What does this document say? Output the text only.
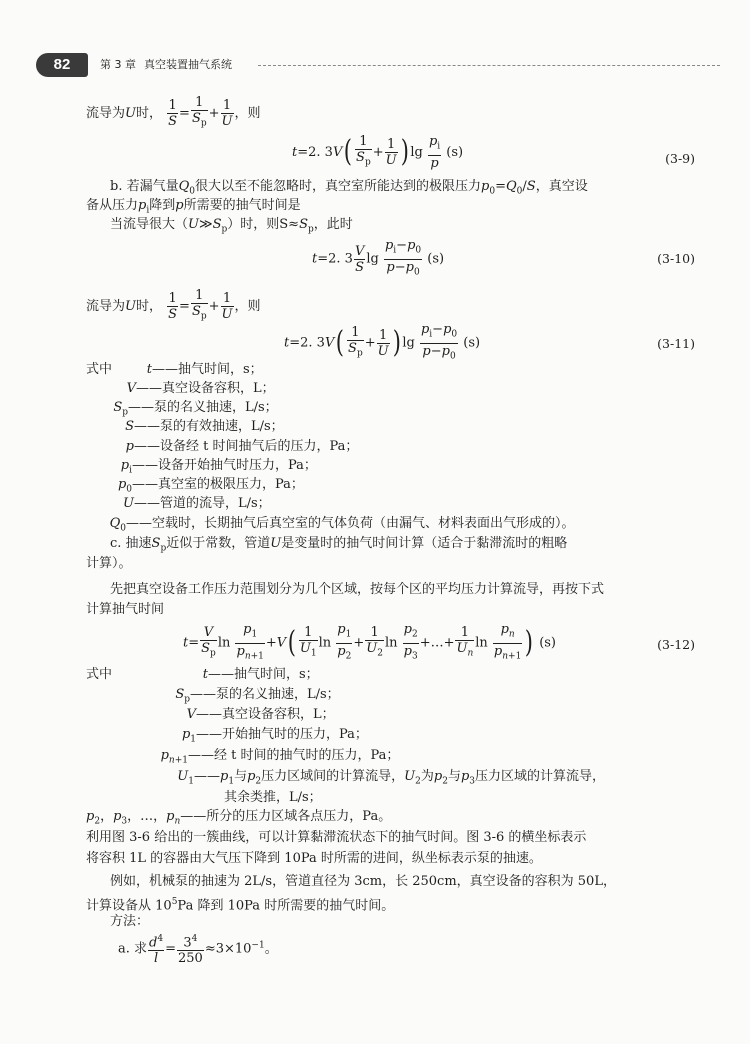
82	第 3 章 真空装置抽气系统
流导为U时， $\frac{1}{S} = \frac{1}{S_p} + \frac{1}{U}$ ，则
t=2. $3V( \frac{1}{S_p} + \frac{1}{U}$ ) $\lg \frac{p_i}{p} (s)$	(3-9)
b. 若漏气量$Q_0$很大以至不能忽略时，真空室所能达到的极限压力$p_0=Q_0/S$，真空设
备从压力$p_i$降到p所需要的抽气时间是
当流导很大$(U≫S_p)$时，则$S\approx S_p$，此时
t=2. $3 \frac{V}{S}$ $\lg \frac{p_i-p_0}{p-p_0} (s)$	(3-10)
流导为U时， $\frac{1}{S} = \frac{1}{S_p} + \frac{1}{U}$ ，则
t=2. $3V( \frac{1}{S_p} + \frac{1}{U}$ ) $\lg \frac{p_i-p_0}{p-p_0} (s)$	(3-11)
式中	t——抽气时间，s；
V——真空设备容积，L；
$S_p——$泵的名义抽速，L/s；
S——泵的有效抽速，L/s；
p——设备经 t 时间抽气后的压力，Pa；
$p_i——$设备开始抽气时压力，Pa；
$p_0——$真空室的极限压力，Pa；
U——管道的流导，L/s；
$Q_0——$空载时，长期抽气后真空室的气体负荷（由漏气、材料表面出气形成的）。
c. 抽速$S_p$近似于常数，管道U是变量时的抽气时间计算（适合于黏滞流时的粗略
计算）。
先把真空设备工作压力范围划分为几个区域，按每个区的平均压力计算流导，再按下式
计算抽气时间
$t= \frac{V}{S_p}$ $\ln \frac{p_1}{p_{n+1}} +V( \frac{1}{U_1}$ $\ln \frac{p_1}{p_2} + \frac{1}{U_2}$ $\ln \frac{p_2}{p_3}$ +…+ $\frac{1}{U_n}$ $\ln \frac{p_n}{p_{n+1}}$ ) (s)	(3-12)
式中	t——抽气时间，s；
$S_p——$泵的名义抽速，L/s；
V——真空设备容积，L；
$p_1——$开始抽气时的压力，Pa；
$p_{n+1}——$经 t 时间的抽气时的压力，Pa；
$U_1——p_1$与$p_2$压力区域间的计算流导，$U_2$为$p_2$与$p_3$压力区域的计算流导，
其余类推，L/s；
$p_2$，$p_3$，…，$p_n——$所分的压力区域各点压力，Pa。
利用图 3-6 给出的一簇曲线，可以计算黏滞流状态下的抽气时间。图 3-6 的横坐标表示
将容积 1L 的容器由大气压下降到 10Pa 时所需的进间，纵坐标表示泵的抽速。
例如，机械泵的抽速为 2L/s，管道直径为 3cm，长 250cm，真空设备的容积为 50L，
计算设备从 $10^5Pa$ 降到 10Pa 时所需要的抽气时间。
方法：
a. 求 $\frac{d^4}{l} = \frac{3^4}{250} \approx 3\times 10^{-1}$。
